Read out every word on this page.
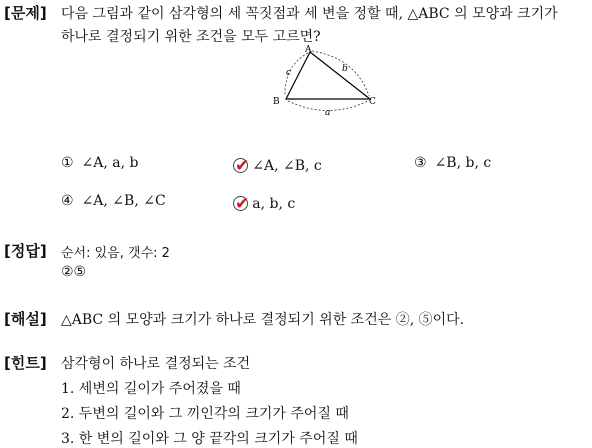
[문제] 다음 그림과 같이 삼각형의 세 꼭짓점과 세 변을 정할 때, △ABC 의 모양과 크기가
하나로 결정되기 위한 조건을 모두 고르면?
A
B	C
b
c
a
① ∠A, a, b	✔ ∠A, ∠B, c	③ ∠B, b, c
④ ∠A, ∠B, ∠C	✔ a, b, c
[정답] 순서: 있음, 갯수: 2
②⑤
[해설] △ABC 의 모양과 크기가 하나로 결정되기 위한 조건은 ②, ⑤이다.
[힌트] 삼각형이 하나로 결정되는 조건
1. 세변의 길이가 주어졌을 때
2. 두변의 길이와 그 끼인각의 크기가 주어질 때
3. 한 변의 길이와 그 양 끝각의 크기가 주어질 때
